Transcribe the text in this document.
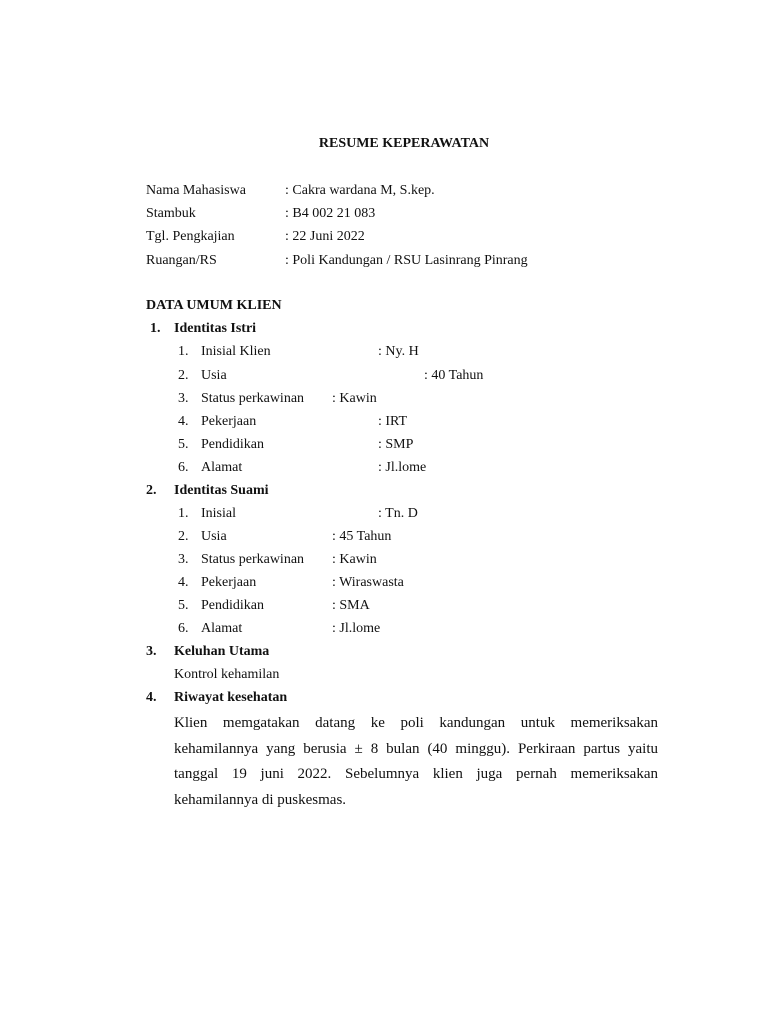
RESUME KEPERAWATAN
Nama Mahasiswa	: Cakra wardana M, S.kep.
Stambuk	: B4 002 21 083
Tgl. Pengkajian	: 22 Juni 2022
Ruangan/RS	: Poli Kandungan / RSU Lasinrang Pinrang
DATA UMUM KLIEN
1. Identitas Istri
1. Inisial Klien	: Ny. H
2. Usia	: 40 Tahun
3. Status perkawinan : Kawin
4. Pekerjaan	: IRT
5. Pendidikan	: SMP
6. Alamat	: Jl.lome
2. Identitas Suami
1. Inisial	: Tn. D
2. Usia	: 45 Tahun
3. Status perkawinan : Kawin
4. Pekerjaan	: Wiraswasta
5. Pendidikan	: SMA
6. Alamat	: Jl.lome
3. Keluhan Utama
Kontrol kehamilan
4. Riwayat kesehatan
Klien memgatakan datang ke poli kandungan untuk memeriksakan kehamilannya yang berusia ± 8 bulan (40 minggu). Perkiraan partus yaitu tanggal 19 juni 2022. Sebelumnya klien juga pernah memeriksakan kehamilannya di puskesmas.
